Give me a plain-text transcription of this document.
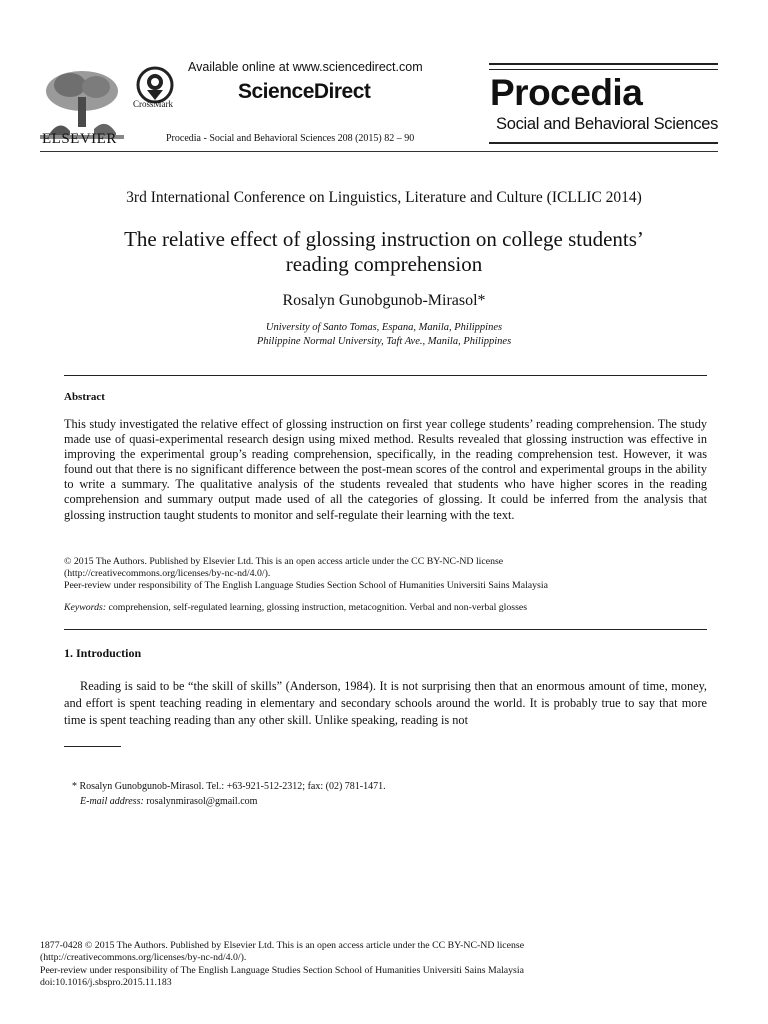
ELSEVIER
CrossMark
Available online at www.sciencedirect.com
ScienceDirect
Procedia - Social and Behavioral Sciences 208 (2015) 82 – 90
Procedia
Social and Behavioral Sciences
3rd International Conference on Linguistics, Literature and Culture (ICLLIC 2014)
The relative effect of glossing instruction on college students’
reading comprehension
Rosalyn Gunobgunob-Mirasol*
University of Santo Tomas, Espana, Manila, Philippines
Philippine Normal University, Taft Ave., Manila, Philippines
Abstract
This study investigated the relative effect of glossing instruction on first year college students’ reading comprehension. The study made use of quasi-experimental research design using mixed method. Results revealed that glossing instruction was effective in improving the experimental group’s reading comprehension, specifically, in the reading comprehension test. However, it was found out that there is no significant difference between the post-mean scores of the control and experimental groups in the ability to write a summary. The qualitative analysis of the students revealed that students who have higher scores in the reading comprehension and summary output made used of all the categories of glossing. It could be inferred from the analysis that glossing instruction taught students to monitor and self-regulate their learning with the text.
© 2015 The Authors. Published by Elsevier Ltd. This is an open access article under the CC BY-NC-ND license
(http://creativecommons.org/licenses/by-nc-nd/4.0/).
Peer-review under responsibility of The English Language Studies Section School of Humanities Universiti Sains Malaysia
Keywords: comprehension, self-regulated learning, glossing instruction, metacognition. Verbal and non-verbal glosses
1. Introduction
Reading is said to be “the skill of skills” (Anderson, 1984). It is not surprising then that an enormous amount of time, money, and effort is spent teaching reading in elementary and secondary schools around the world. It is probably true to say that more time is spent teaching reading than any other skill. Unlike speaking, reading is not
* Rosalyn Gunobgunob-Mirasol. Tel.: +63-921-512-2312; fax: (02) 781-1471.
E-mail address: rosalynmirasol@gmail.com
1877-0428 © 2015 The Authors. Published by Elsevier Ltd. This is an open access article under the CC BY-NC-ND license
(http://creativecommons.org/licenses/by-nc-nd/4.0/).
Peer-review under responsibility of The English Language Studies Section School of Humanities Universiti Sains Malaysia
doi:10.1016/j.sbspro.2015.11.183
